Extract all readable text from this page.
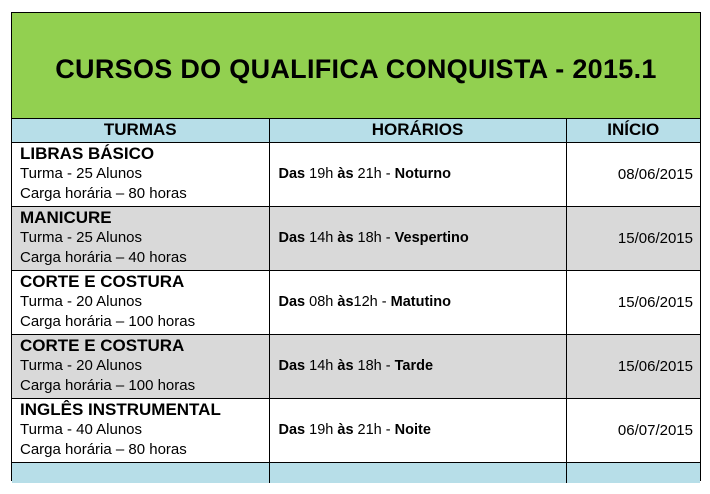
CURSOS DO QUALIFICA CONQUISTA - 2015.1
TURMAS	HORÁRIOS	INÍCIO

LIBRAS BÁSICO
Turma - 25 Alunos
Carga horária – 80 horas	Das 19h às 21h - Noturno	08/06/2015

MANICURE
Turma - 25 Alunos
Carga horária – 40 horas	Das 14h às 18h - Vespertino	15/06/2015

CORTE E COSTURA
Turma - 20 Alunos
Carga horária – 100 horas	Das 08h às12h - Matutino	15/06/2015

CORTE E COSTURA
Turma - 20 Alunos
Carga horária – 100 horas	Das 14h às 18h - Tarde	15/06/2015

INGLÊS INSTRUMENTAL
Turma - 40 Alunos
Carga horária – 80 horas	Das 19h às 21h - Noite	06/07/2015
